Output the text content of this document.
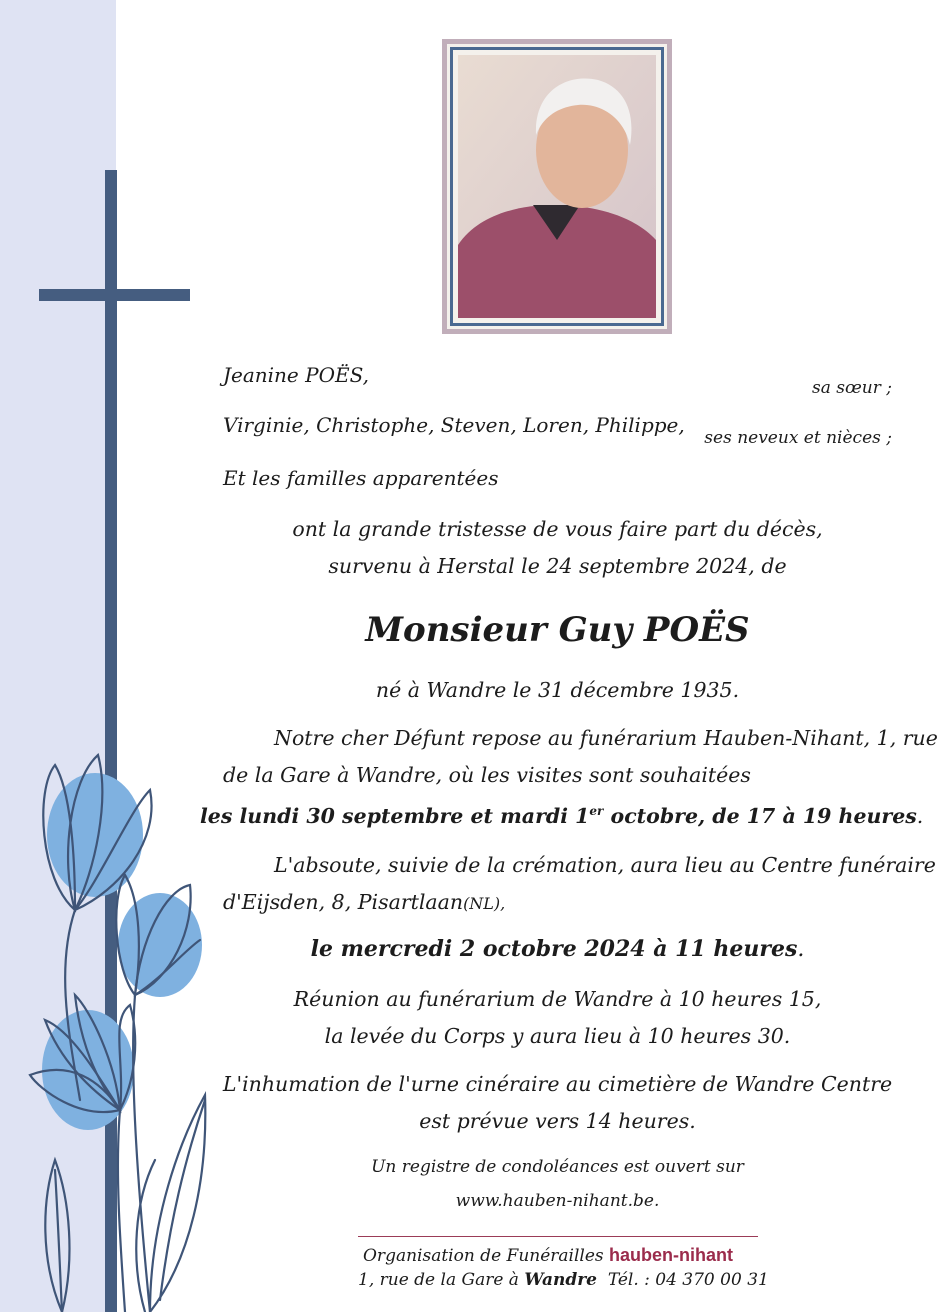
Jeanine POËS,

sa sœur ;

Virginie, Christophe, Steven, Loren, Philippe,

ses neveux et nièces ;

Et les familles apparentées

ont la grande tristesse de vous faire part du décès,

survenu à Herstal le 24 septembre 2024, de

Monsieur Guy POËS

né à Wandre le 31 décembre 1935.

Notre cher Défunt repose au funérarium Hauben-Nihant, 1, rue

de la Gare à Wandre, où les visites sont souhaitées

les lundi 30 septembre et mardi 1er octobre, de 17 à 19 heures.

L'absoute, suivie de la crémation, aura lieu au Centre funéraire

d'Eijsden, 8, Pisartlaan(NL),

le mercredi 2 octobre 2024 à 11 heures.

Réunion au funérarium de Wandre à 10 heures 15,

la levée du Corps y aura lieu à 10 heures 30.

L'inhumation de l'urne cinéraire au cimetière de Wandre Centre

est prévue vers 14 heures.

Un registre de condoléances est ouvert sur

www.hauben-nihant.be.

Organisation de Funérailles hauben-nihant

1, rue de la Gare à Wandre Tél. : 04 370 00 31
